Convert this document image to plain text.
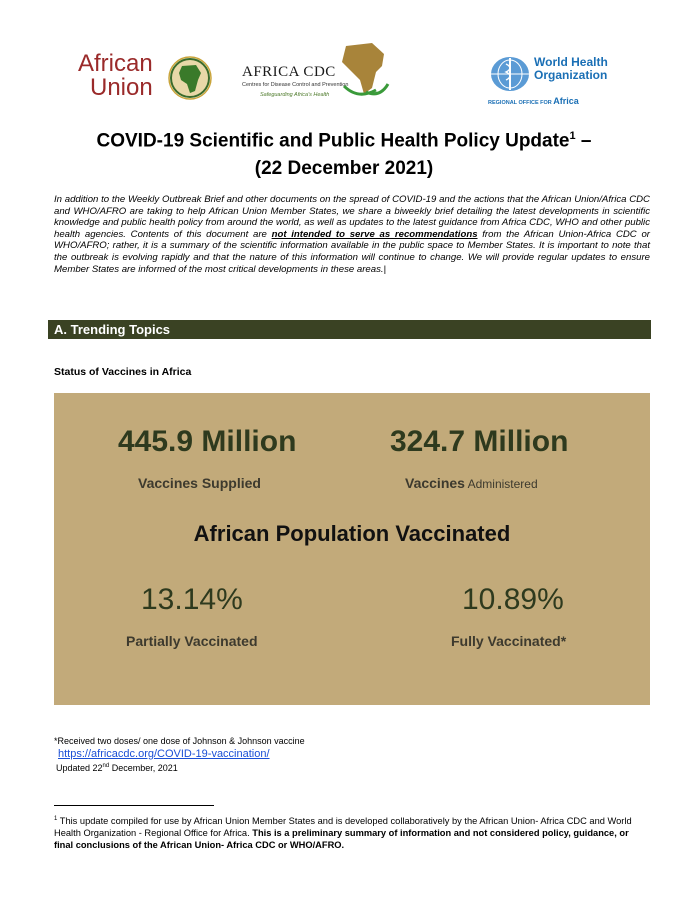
African
Union
AFRICA CDC
Centres for Disease Control and Prevention
Safeguarding Africa's Health
World Health
Organization
REGIONAL OFFICE FOR Africa
COVID-19 Scientific and Public Health Policy Update$^1$ –
(22 December 2021)
In addition to the Weekly Outbreak Brief and other documents on the spread of COVID-19 and the actions that the African Union/Africa CDC and WHO/AFRO are taking to help African Union Member States, we share a biweekly brief detailing the latest developments in scientific knowledge and public health policy from around the world, as well as updates to the latest guidance from Africa CDC, WHO and other public health agencies. Contents of this document are not intended to serve as recommendations from the African Union-Africa CDC or WHO/AFRO; rather, it is a summary of the scientific information available in the public space to Member States. It is important to note that the outbreak is evolving rapidly and that the nature of this information will continue to change. We will provide regular updates to ensure Member States are informed of the most critical developments in these areas.|
A. Trending Topics
Status of Vaccines in Africa
445.9 Million
Vaccines Supplied
324.7 Million
Vaccines Administered
African Population Vaccinated
13.14%
Partially Vaccinated
10.89%
Fully Vaccinated*
*Received two doses/ one dose of Johnson & Johnson vaccine
https://africacdc.org/COVID-19-vaccination/
Updated 22nd December, 2021
$^1$ This update compiled for use by African Union Member States and is developed collaboratively by the African Union- Africa CDC and World Health Organization - Regional Office for Africa. This is a preliminary summary of information and not considered policy, guidance, or final conclusions of the African Union- Africa CDC or WHO/AFRO.
